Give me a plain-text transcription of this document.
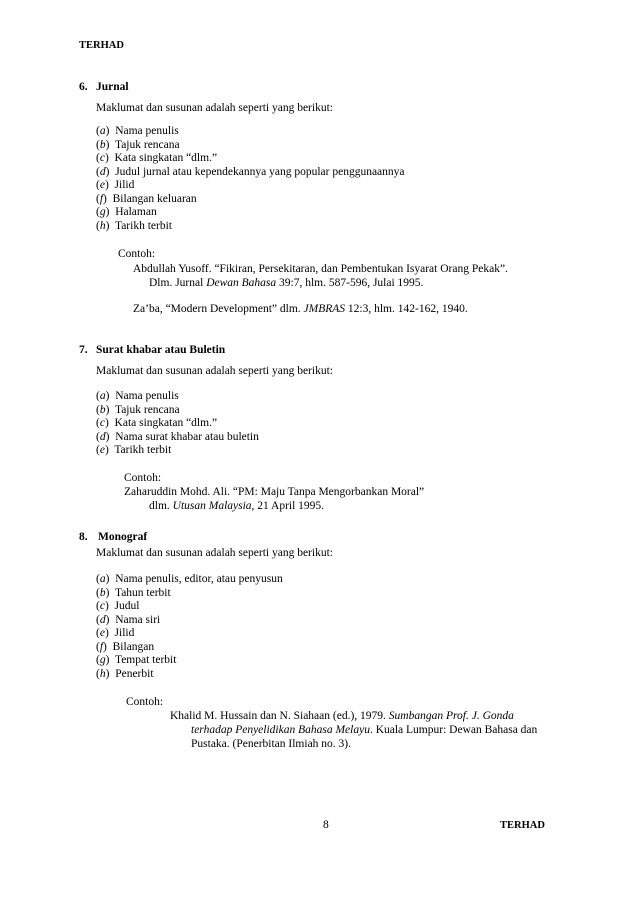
TERHAD
6. Jurnal
Maklumat dan susunan adalah seperti yang berikut:
(a)  Nama penulis
(b)  Tajuk rencana
(c)  Kata singkatan “dlm.”
(d)  Judul jurnal atau kependekannya yang popular penggunaannya
(e)  Jilid
(f)  Bilangan keluaran
(g)  Halaman
(h)  Tarikh terbit
Contoh:
Abdullah Yusoff. “Fikiran, Persekitaran, dan Pembentukan Isyarat Orang Pekak”.
Dlm. Jurnal Dewan Bahasa 39:7, hlm. 587-596, Julai 1995.
Za’ba, “Modern Development” dlm. JMBRAS 12:3, hlm. 142-162, 1940.
7. Surat khabar atau Buletin
Maklumat dan susunan adalah seperti yang berikut:
(a)  Nama penulis
(b)  Tajuk rencana
(c)  Kata singkatan “dlm.”
(d)  Nama surat khabar atau buletin
(e)  Tarikh terbit
Contoh:
Zaharuddin Mohd. Ali. “PM: Maju Tanpa Mengorbankan Moral”
dlm. Utusan Malaysia, 21 April 1995.
8. Monograf
Maklumat dan susunan adalah seperti yang berikut:
(a)  Nama penulis, editor, atau penyusun
(b)  Tahun terbit
(c)  Judul
(d)  Nama siri
(e)  Jilid
(f)  Bilangan
(g)  Tempat terbit
(h)  Penerbit
Contoh:
Khalid M. Hussain dan N. Siahaan (ed.), 1979. Sumbangan Prof. J. Gonda
terhadap Penyelidikan Bahasa Melayu. Kuala Lumpur: Dewan Bahasa dan
Pustaka. (Penerbitan Ilmiah no. 3).
8	TERHAD
